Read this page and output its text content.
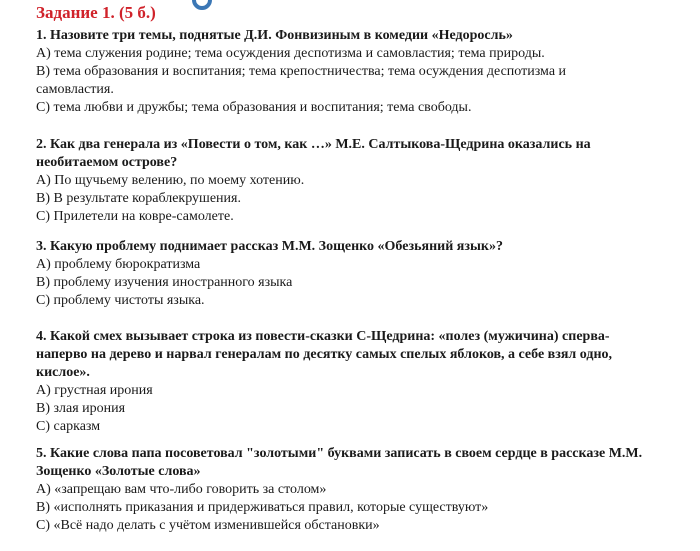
Задание 1. (5 б.)

1. Назовите три темы, поднятые Д.И. Фонвизиным в комедии «Недоросль»

А) тема служения родине; тема осуждения деспотизма и самовластия; тема природы.

В) тема образования и воспитания; тема крепостничества; тема осуждения деспотизма и
самовластия.

С) тема любви и дружбы; тема образования и воспитания; тема свободы.

2. Как два генерала из «Повести о том, как …» М.Е. Салтыкова-Щедрина оказались на
необитаемом острове?

А) По щучьему велению, по моему хотению.

В) В результате кораблекрушения.

С) Прилетели на ковре-самолете.

3. Какую проблему поднимает рассказ М.М. Зощенко «Обезьяний язык»?

А) проблему бюрократизма

В) проблему изучения иностранного языка

С) проблему чистоты языка.

4. Какой смех вызывает строка из повести-сказки С-Щедрина: «полез (мужичина) сперва-
наперво на дерево и нарвал генералам по десятку самых спелых яблоков, а себе взял одно,
кислое».

А) грустная ирония

В) злая ирония

С) сарказм

5. Какие слова папа посоветовал "золотыми" буквами записать в своем сердце в рассказе М.М.
Зощенко «Золотые слова»

А) «запрещаю вам что-либо говорить за столом»

В) «исполнять приказания и придерживаться правил, которые существуют»

С) «Всё надо делать с учётом изменившейся обстановки»
